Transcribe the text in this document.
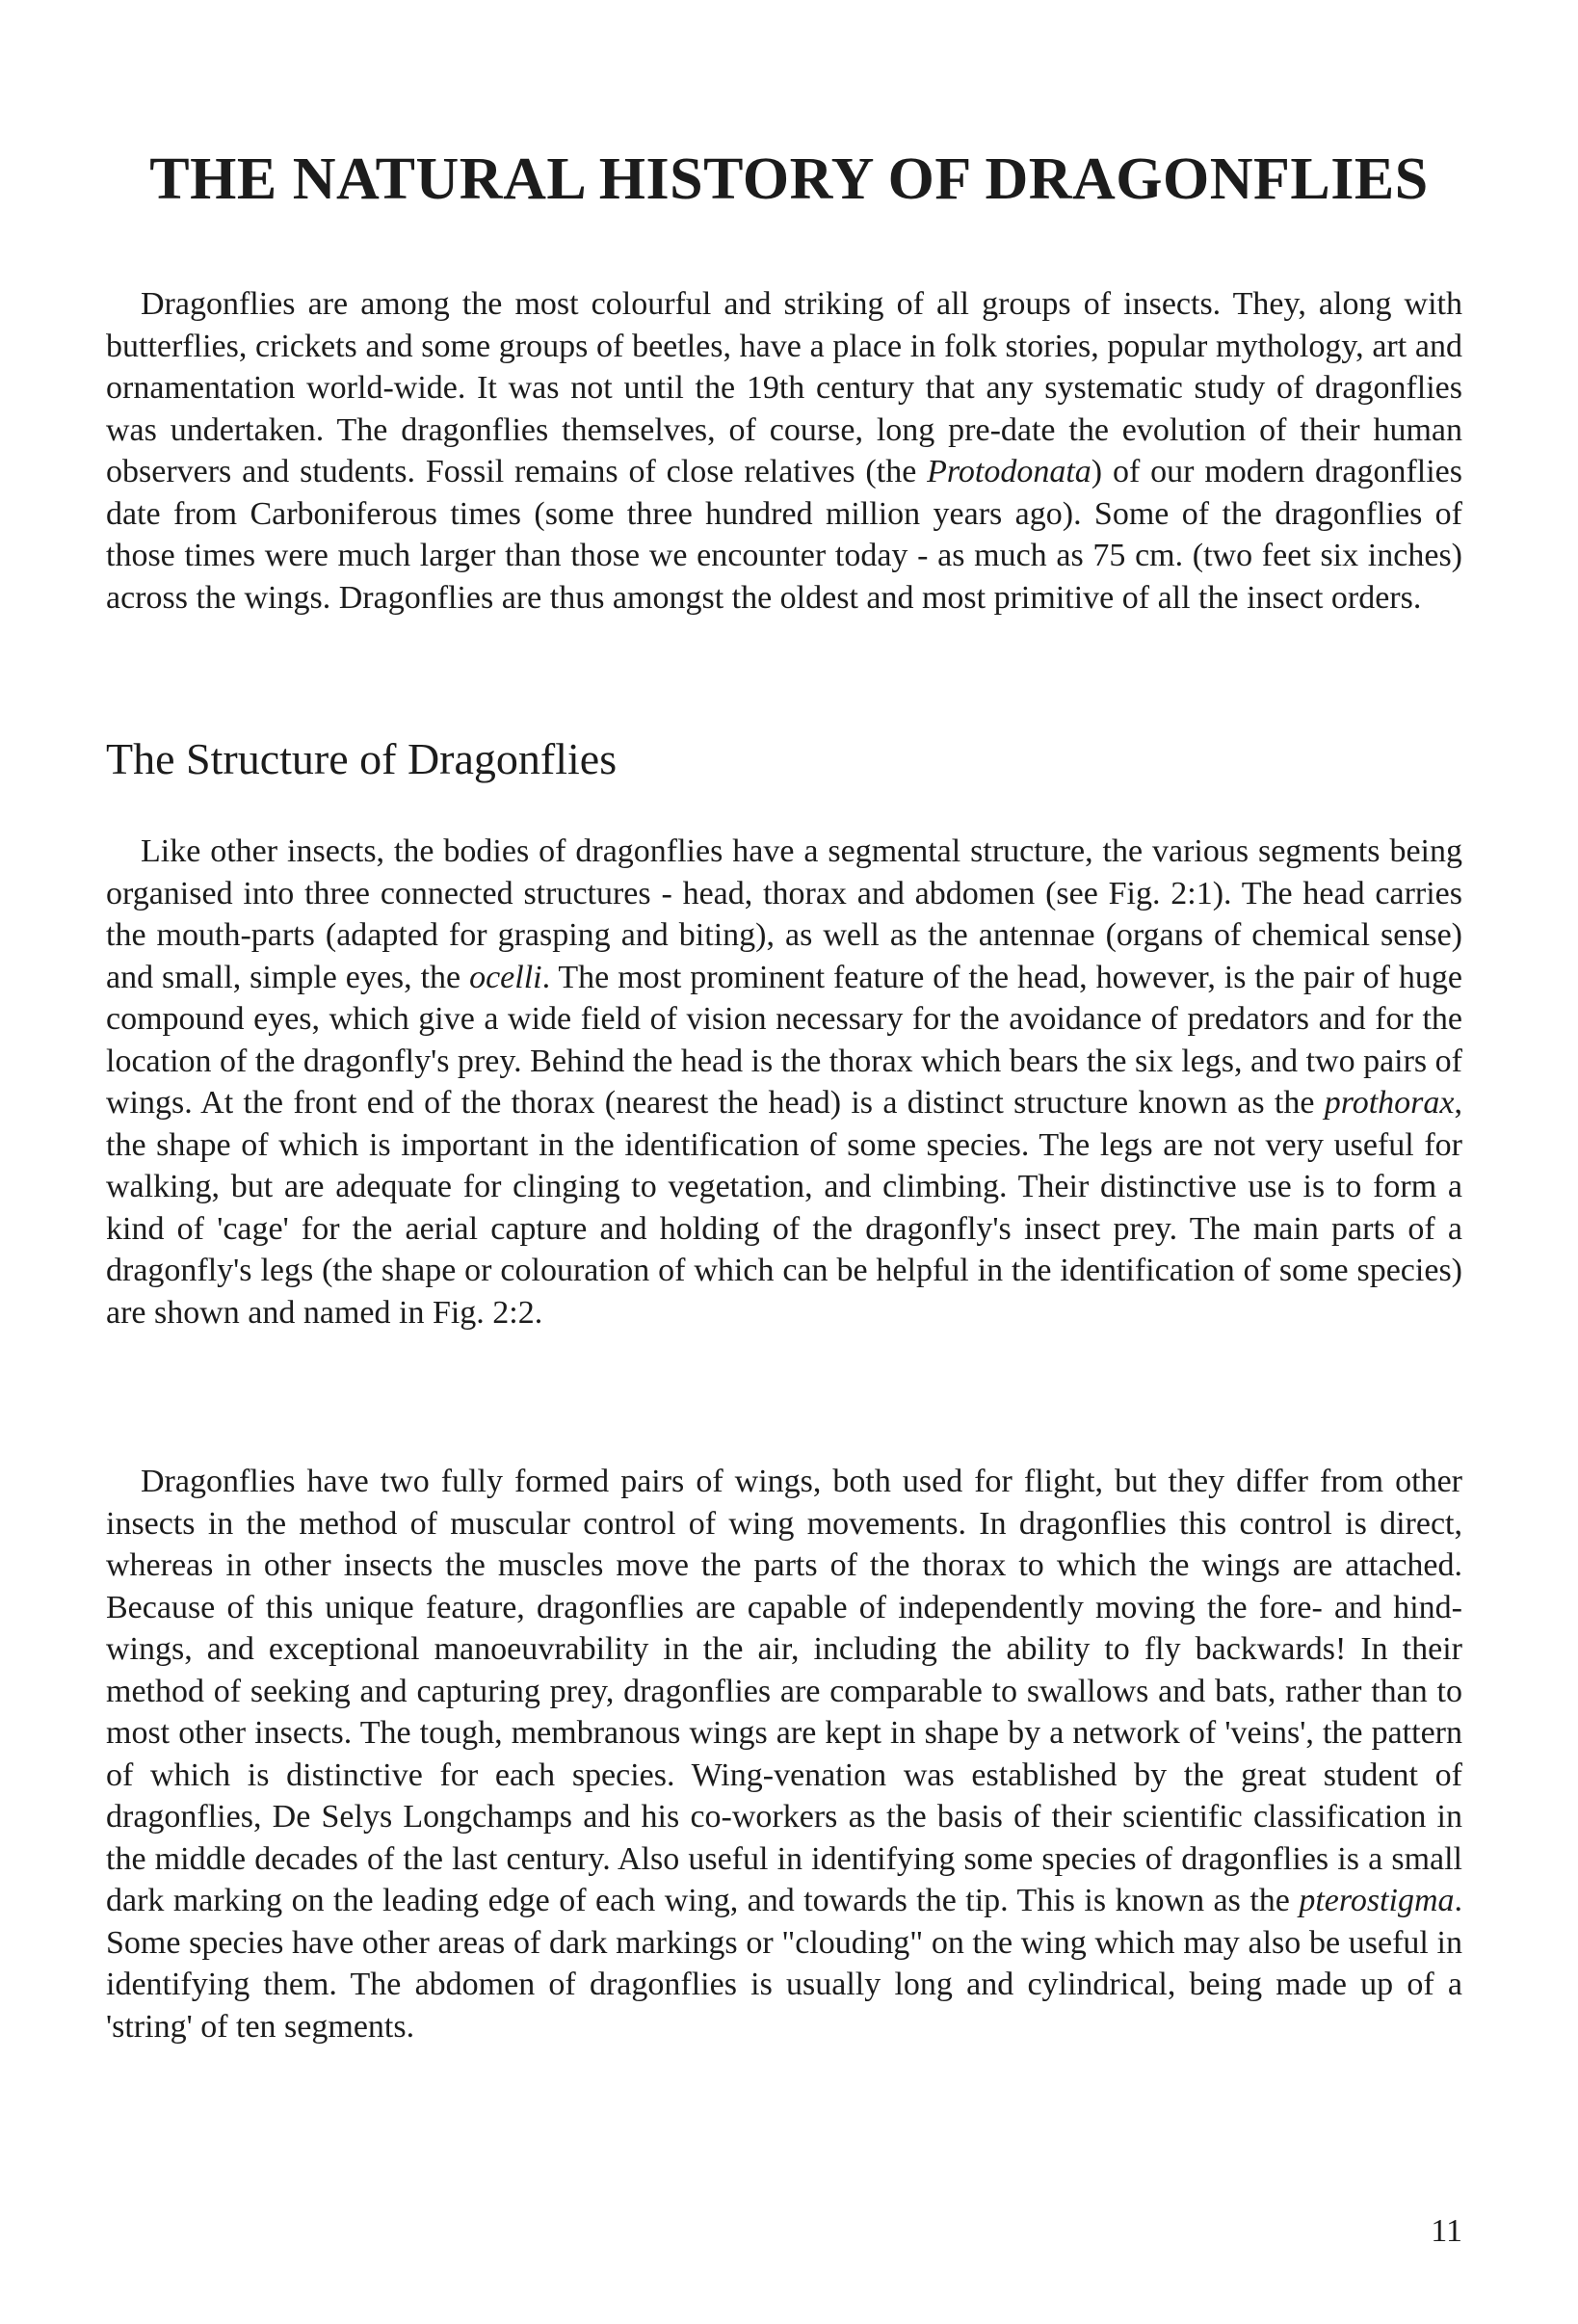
THE NATURAL HISTORY OF DRAGONFLIES

Dragonflies are among the most colourful and striking of all groups of insects. They, along with butterflies, crickets and some groups of beetles, have a place in folk stories, popular mythology, art and ornamentation world-wide. It was not until the 19th century that any systematic study of dragonflies was undertaken. The dragonflies themselves, of course, long pre-date the evolution of their human observers and students. Fossil remains of close relatives (the Protodonata) of our modern dragonflies date from Carboniferous times (some three hundred million years ago). Some of the dragonflies of those times were much larger than those we encounter today - as much as 75 cm. (two feet six inches) across the wings. Dragonflies are thus amongst the oldest and most primitive of all the insect orders.

The Structure of Dragonflies

Like other insects, the bodies of dragonflies have a segmental structure, the various segments being organised into three connected structures - head, thorax and abdomen (see Fig. 2:1). The head carries the mouth-parts (adapted for grasping and biting), as well as the antennae (organs of chemical sense) and small, simple eyes, the ocelli. The most prominent feature of the head, however, is the pair of huge compound eyes, which give a wide field of vision necessary for the avoidance of predators and for the location of the dragonfly's prey. Behind the head is the thorax which bears the six legs, and two pairs of wings. At the front end of the thorax (nearest the head) is a distinct structure known as the prothorax, the shape of which is important in the identification of some species. The legs are not very useful for walking, but are adequate for clinging to vegetation, and climbing. Their distinctive use is to form a kind of 'cage' for the aerial capture and holding of the dragonfly's insect prey. The main parts of a dragonfly's legs (the shape or colouration of which can be helpful in the identification of some species) are shown and named in Fig. 2:2.

Dragonflies have two fully formed pairs of wings, both used for flight, but they differ from other insects in the method of muscular control of wing movements. In dragonflies this control is direct, whereas in other insects the muscles move the parts of the thorax to which the wings are attached. Because of this unique feature, dragonflies are capable of independently moving the fore- and hind-wings, and exceptional manoeuvrability in the air, including the ability to fly backwards! In their method of seeking and capturing prey, dragonflies are comparable to swallows and bats, rather than to most other insects. The tough, membranous wings are kept in shape by a network of 'veins', the pattern of which is distinctive for each species. Wing-venation was established by the great student of dragonflies, De Selys Longchamps and his co-workers as the basis of their scientific classification in the middle decades of the last century. Also useful in identifying some species of dragonflies is a small dark marking on the leading edge of each wing, and towards the tip. This is known as the pterostigma. Some species have other areas of dark markings or "clouding" on the wing which may also be useful in identifying them. The abdomen of dragonflies is usually long and cylindrical, being made up of a 'string' of ten segments.

11
